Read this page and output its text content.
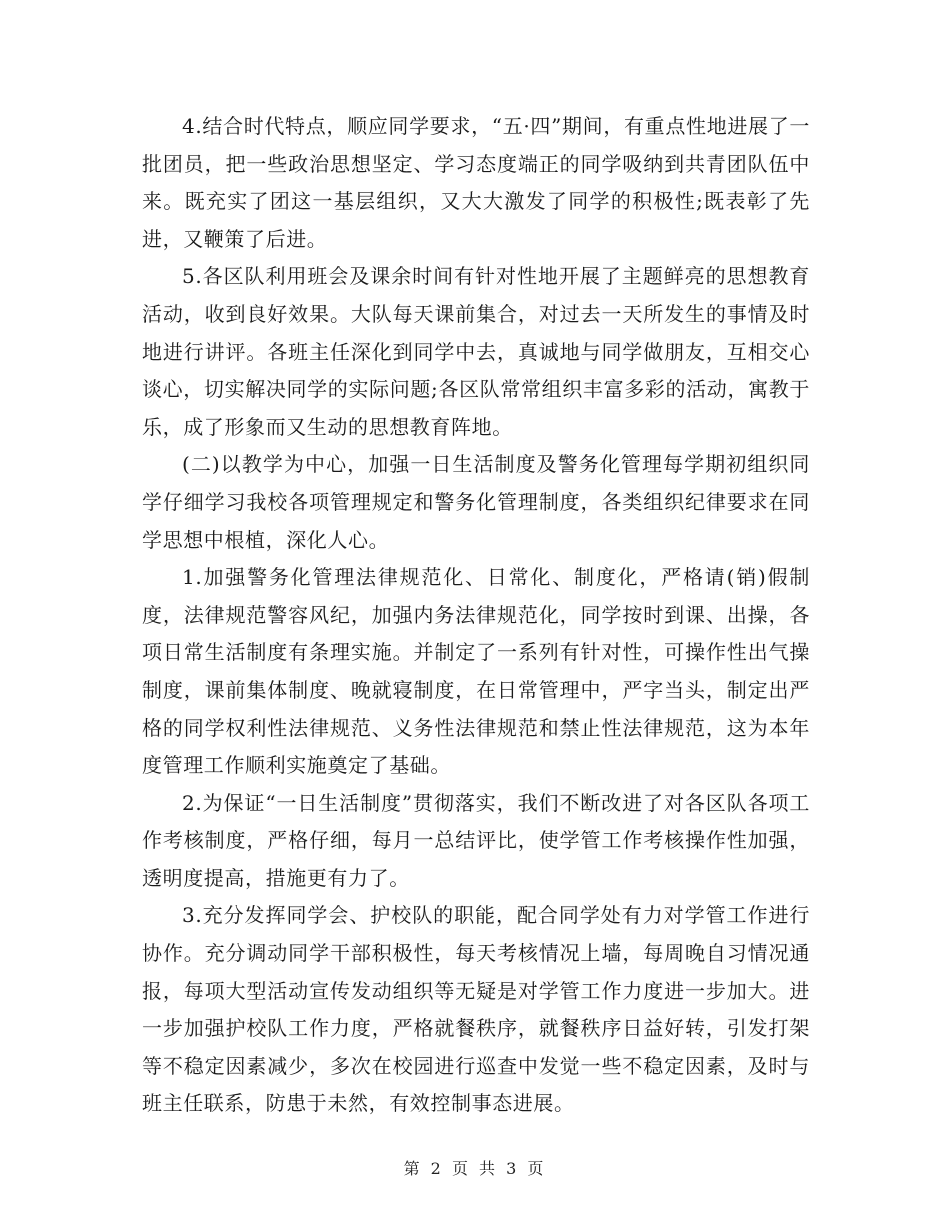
4.结合时代特点，顺应同学要求，“五·四”期间，有重点性地进展了一批团员，把一些政治思想坚定、学习态度端正的同学吸纳到共青团队伍中来。既充实了团这一基层组织，又大大激发了同学的积极性;既表彰了先进，又鞭策了后进。

5.各区队利用班会及课余时间有针对性地开展了主题鲜亮的思想教育活动，收到良好效果。大队每天课前集合，对过去一天所发生的事情及时地进行讲评。各班主任深化到同学中去，真诚地与同学做朋友，互相交心谈心，切实解决同学的实际问题;各区队常常组织丰富多彩的活动，寓教于乐，成了形象而又生动的思想教育阵地。

(二)以教学为中心，加强一日生活制度及警务化管理每学期初组织同学仔细学习我校各项管理规定和警务化管理制度，各类组织纪律要求在同学思想中根植，深化人心。

1.加强警务化管理法律规范化、日常化、制度化，严格请(销)假制度，法律规范警容风纪，加强内务法律规范化，同学按时到课、出操，各项日常生活制度有条理实施。并制定了一系列有针对性，可操作性出气操制度，课前集体制度、晚就寝制度，在日常管理中，严字当头，制定出严格的同学权利性法律规范、义务性法律规范和禁止性法律规范，这为本年度管理工作顺利实施奠定了基础。

2.为保证“一日生活制度”贯彻落实，我们不断改进了对各区队各项工作考核制度，严格仔细，每月一总结评比，使学管工作考核操作性加强，透明度提高，措施更有力了。

3.充分发挥同学会、护校队的职能，配合同学处有力对学管工作进行协作。充分调动同学干部积极性，每天考核情况上墙，每周晚自习情况通报，每项大型活动宣传发动组织等无疑是对学管工作力度进一步加大。进一步加强护校队工作力度，严格就餐秩序，就餐秩序日益好转，引发打架等不稳定因素减少，多次在校园进行巡查中发觉一些不稳定因素，及时与班主任联系，防患于未然，有效控制事态进展。

第 2 页 共 3 页
